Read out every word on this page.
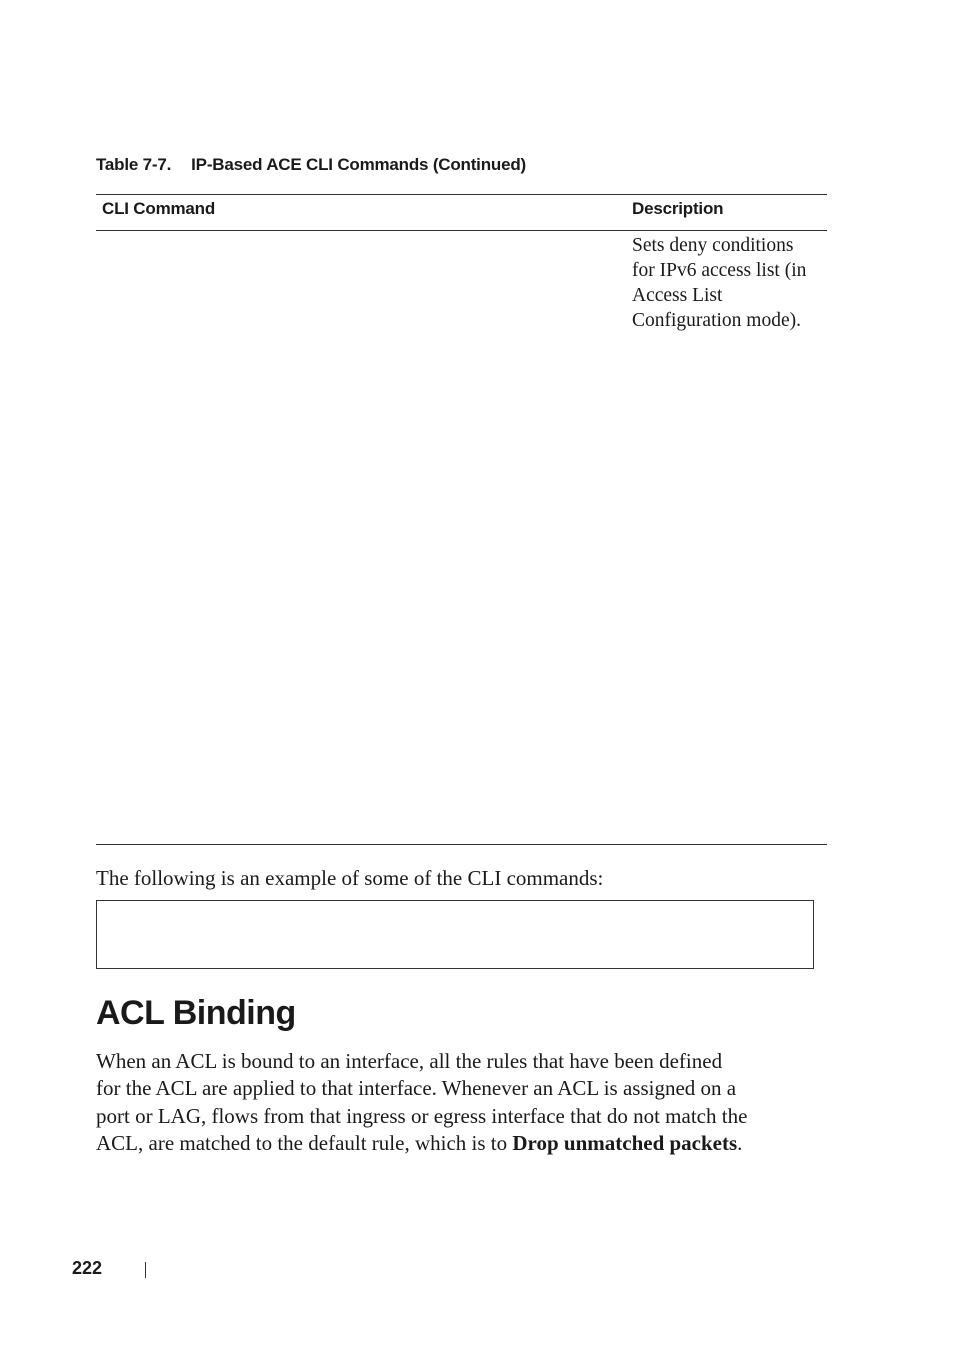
Table 7-7. IP-Based ACE CLI Commands (Continued)
CLI Command	Description
Sets deny conditions
for IPv6 access list (in
Access List
Configuration mode).
The following is an example of some of the CLI commands:
ACL Binding

When an ACL is bound to an interface, all the rules that have been defined
for the ACL are applied to that interface. Whenever an ACL is assigned on a
port or LAG, flows from that ingress or egress interface that do not match the
ACL, are matched to the default rule, which is to Drop unmatched packets.

222
